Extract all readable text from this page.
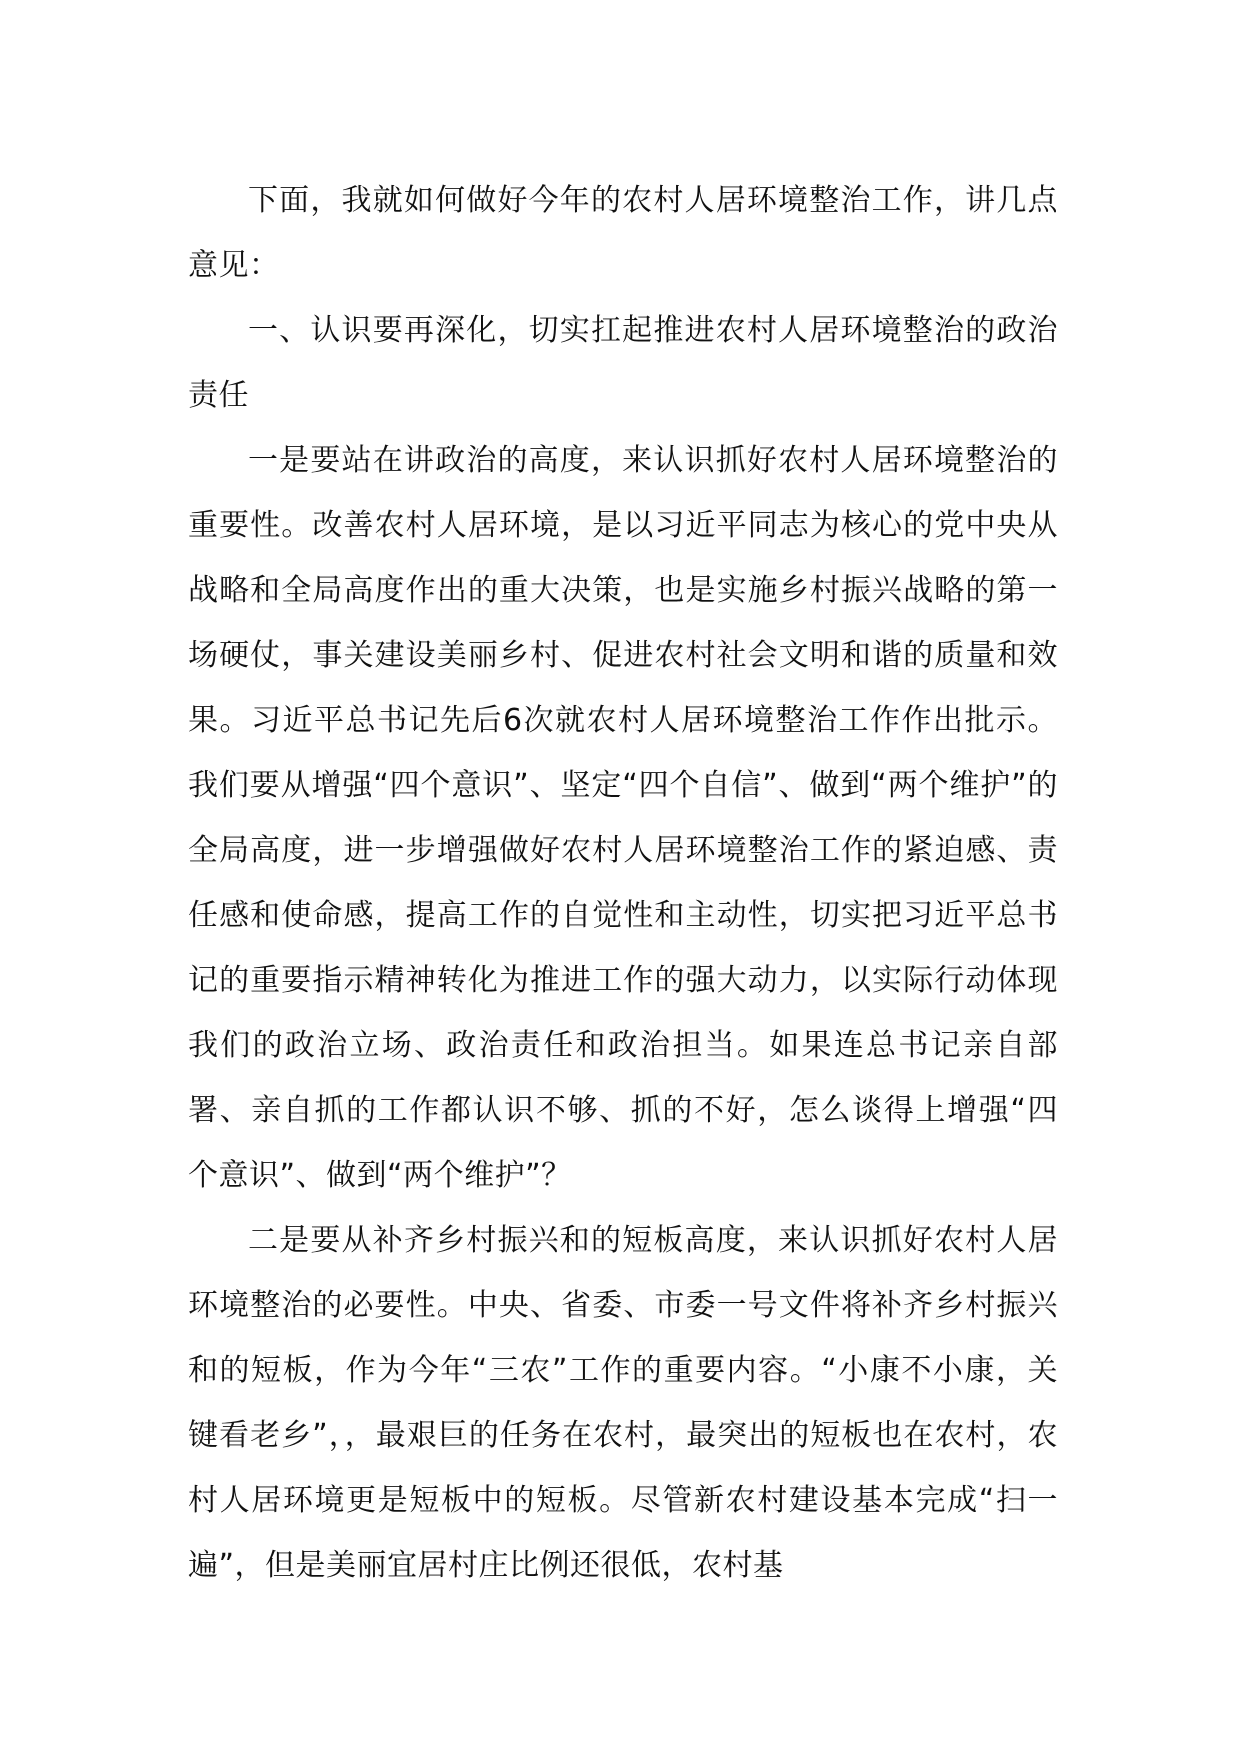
下面，我就如何做好今年的农村人居环境整治工作，讲几点意见：

一、认识要再深化，切实扛起推进农村人居环境整治的政治责任

一是要站在讲政治的高度，来认识抓好农村人居环境整治的重要性。改善农村人居环境，是以习近平同志为核心的党中央从战略和全局高度作出的重大决策，也是实施乡村振兴战略的第一场硬仗，事关建设美丽乡村、促进农村社会文明和谐的质量和效果。习近平总书记先后6次就农村人居环境整治工作作出批示。我们要从增强“四个意识”、坚定“四个自信”、做到“两个维护”的全局高度，进一步增强做好农村人居环境整治工作的紧迫感、责任感和使命感，提高工作的自觉性和主动性，切实把习近平总书记的重要指示精神转化为推进工作的强大动力，以实际行动体现我们的政治立场、政治责任和政治担当。如果连总书记亲自部署、亲自抓的工作都认识不够、抓的不好，怎么谈得上增强“四个意识”、做到“两个维护”？

二是要从补齐乡村振兴和的短板高度，来认识抓好农村人居环境整治的必要性。中央、省委、市委一号文件将补齐乡村振兴和的短板，作为今年“三农”工作的重要内容。“小康不小康，关键看老乡”，，最艰巨的任务在农村，最突出的短板也在农村，农村人居环境更是短板中的短板。尽管新农村建设基本完成“扫一遍”，但是美丽宜居村庄比例还很低，农村基
